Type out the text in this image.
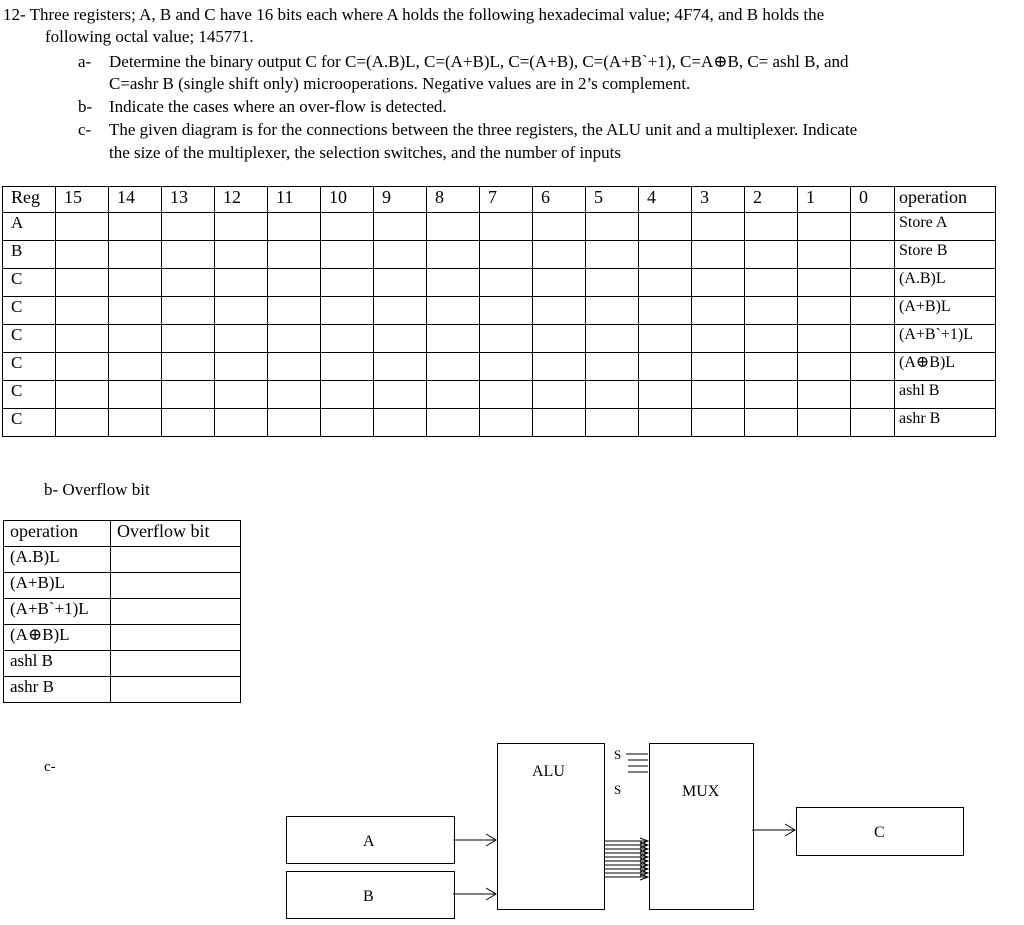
12- Three registers; A, B and C have 16 bits each where A holds the following hexadecimal value; 4F74, and B holds the
following octal value; 145771.
a- Determine the binary output C for C=(A.B)L, C=(A+B)L, C=(A+B), C=(A+B`+1), C=A⊕B, C= ashl B, and
C=ashr B (single shift only) microoperations. Negative values are in 2’s complement.
b- Indicate the cases where an over-flow is detected.
c- The given diagram is for the connections between the three registers, the ALU unit and a multiplexer. Indicate
the size of the multiplexer, the selection switches, and the number of inputs
Reg	15	14	13	12	11	10	9	8	7	6	5	4	3	2	1	0	operation
A																	Store A
B																	Store B
C																	(A.B)L
C																	(A+B)L
C																	(A+B`+1)L
C																	(A⊕B)L
C																	ashl B
C																	ashr B
b- Overflow bit
operation	Overflow bit
(A.B)L	
(A+B)L	
(A+B`+1)L	
(A⊕B)L	
ashl B	
ashr B	
c-
A
B
ALU
S
S	MUX
C
